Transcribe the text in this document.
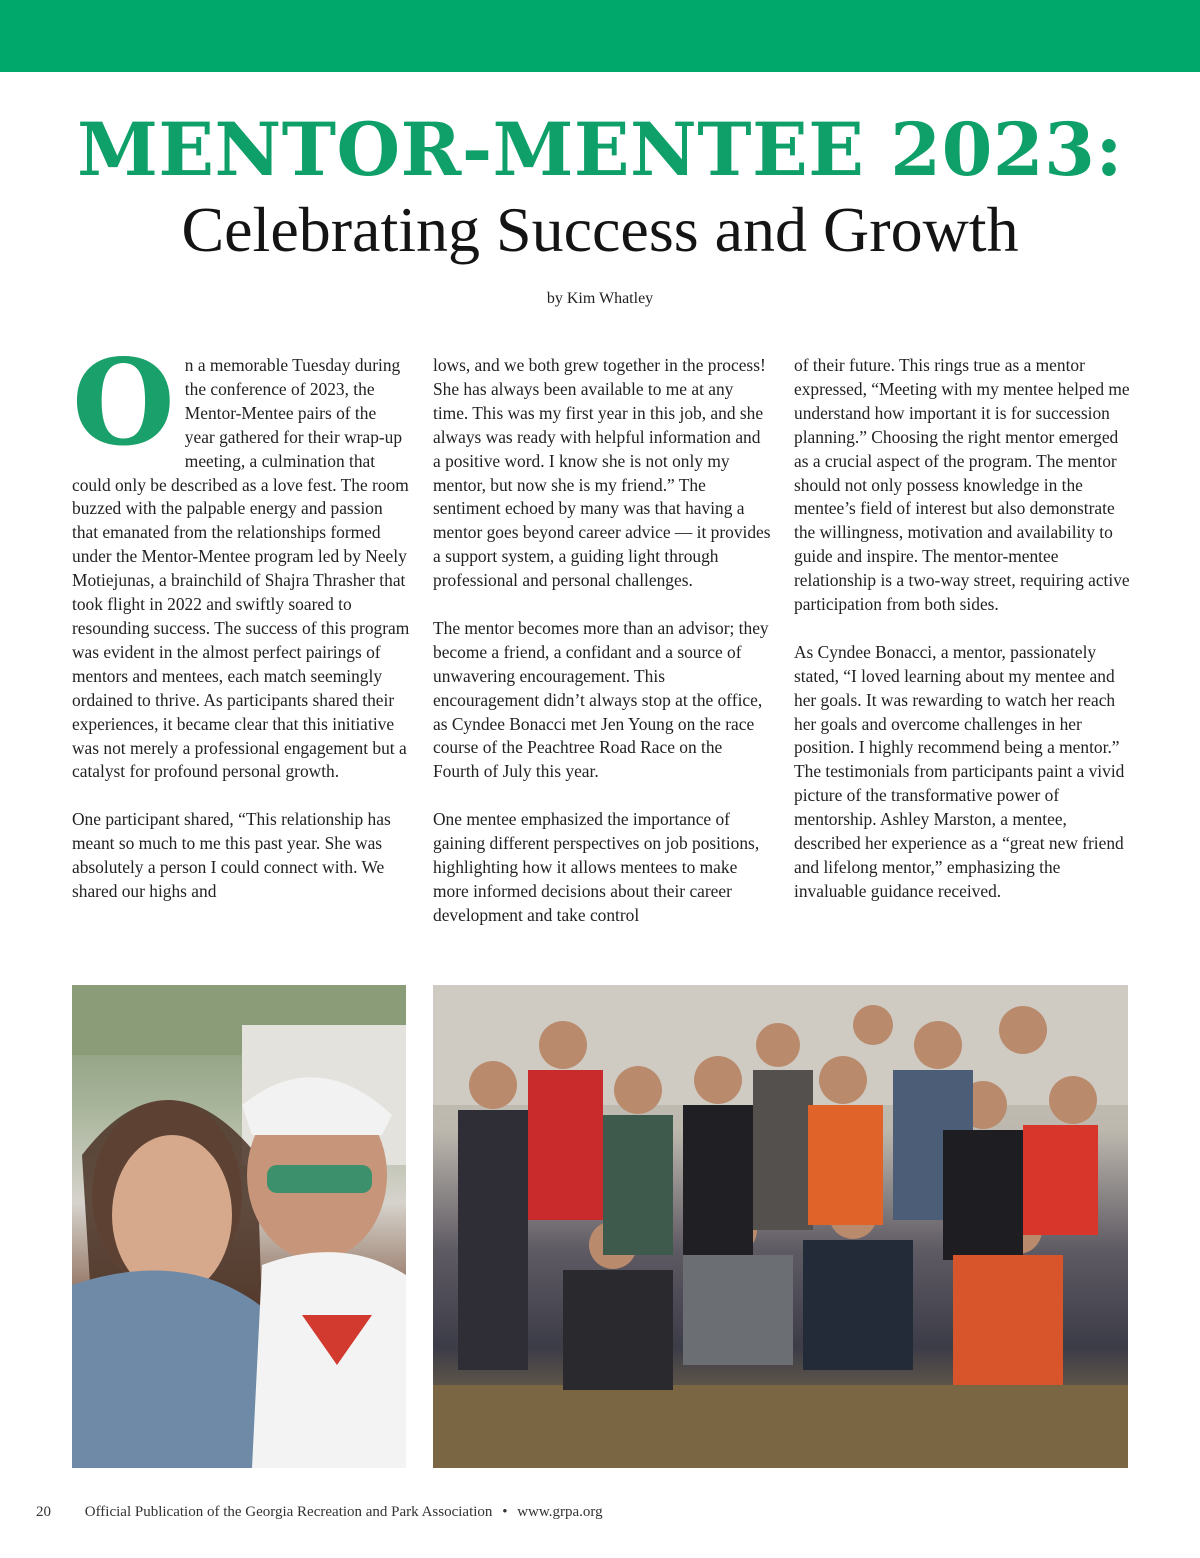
MENTOR-MENTEE 2023:
Celebrating Success and Growth
by Kim Whatley

On a memorable Tuesday during the conference of 2023, the Mentor-Mentee pairs of the year gathered for their wrap-up meeting, a culmination that could only be described as a love fest. The room buzzed with the palpable energy and passion that emanated from the relationships formed under the Mentor-Mentee program led by Neely Motiejunas, a brainchild of Shajra Thrasher that took flight in 2022 and swiftly soared to resounding success. The success of this program was evident in the almost perfect pairings of mentors and mentees, each match seemingly ordained to thrive. As participants shared their experiences, it became clear that this initiative was not merely a professional engagement but a catalyst for profound personal growth.

One participant shared, “This relationship has meant so much to me this past year. She was absolutely a person I could connect with. We shared our highs and

lows, and we both grew together in the process! She has always been available to me at any time. This was my first year in this job, and she always was ready with helpful information and a positive word. I know she is not only my mentor, but now she is my friend.” The sentiment echoed by many was that having a mentor goes beyond career advice — it provides a support system, a guiding light through professional and personal challenges.

The mentor becomes more than an advisor; they become a friend, a confidant and a source of unwavering encouragement. This encouragement didn’t always stop at the office, as Cyndee Bonacci met Jen Young on the race course of the Peachtree Road Race on the Fourth of July this year.

One mentee emphasized the importance of gaining different perspectives on job positions, highlighting how it allows mentees to make more informed decisions about their career development and take control

of their future. This rings true as a mentor expressed, “Meeting with my mentee helped me understand how important it is for succession planning.” Choosing the right mentor emerged as a crucial aspect of the program. The mentor should not only possess knowledge in the mentee’s field of interest but also demonstrate the willingness, motivation and availability to guide and inspire. The mentor-mentee relationship is a two-way street, requiring active participation from both sides.

As Cyndee Bonacci, a mentor, passionately stated, “I loved learning about my mentee and her goals. It was rewarding to watch her reach her goals and overcome challenges in her position. I highly recommend being a mentor.” The testimonials from participants paint a vivid picture of the transformative power of mentorship. Ashley Marston, a mentee, described her experience as a “great new friend and lifelong mentor,” emphasizing the invaluable guidance received.

20 Official Publication of the Georgia Recreation and Park Association • www.grpa.org
